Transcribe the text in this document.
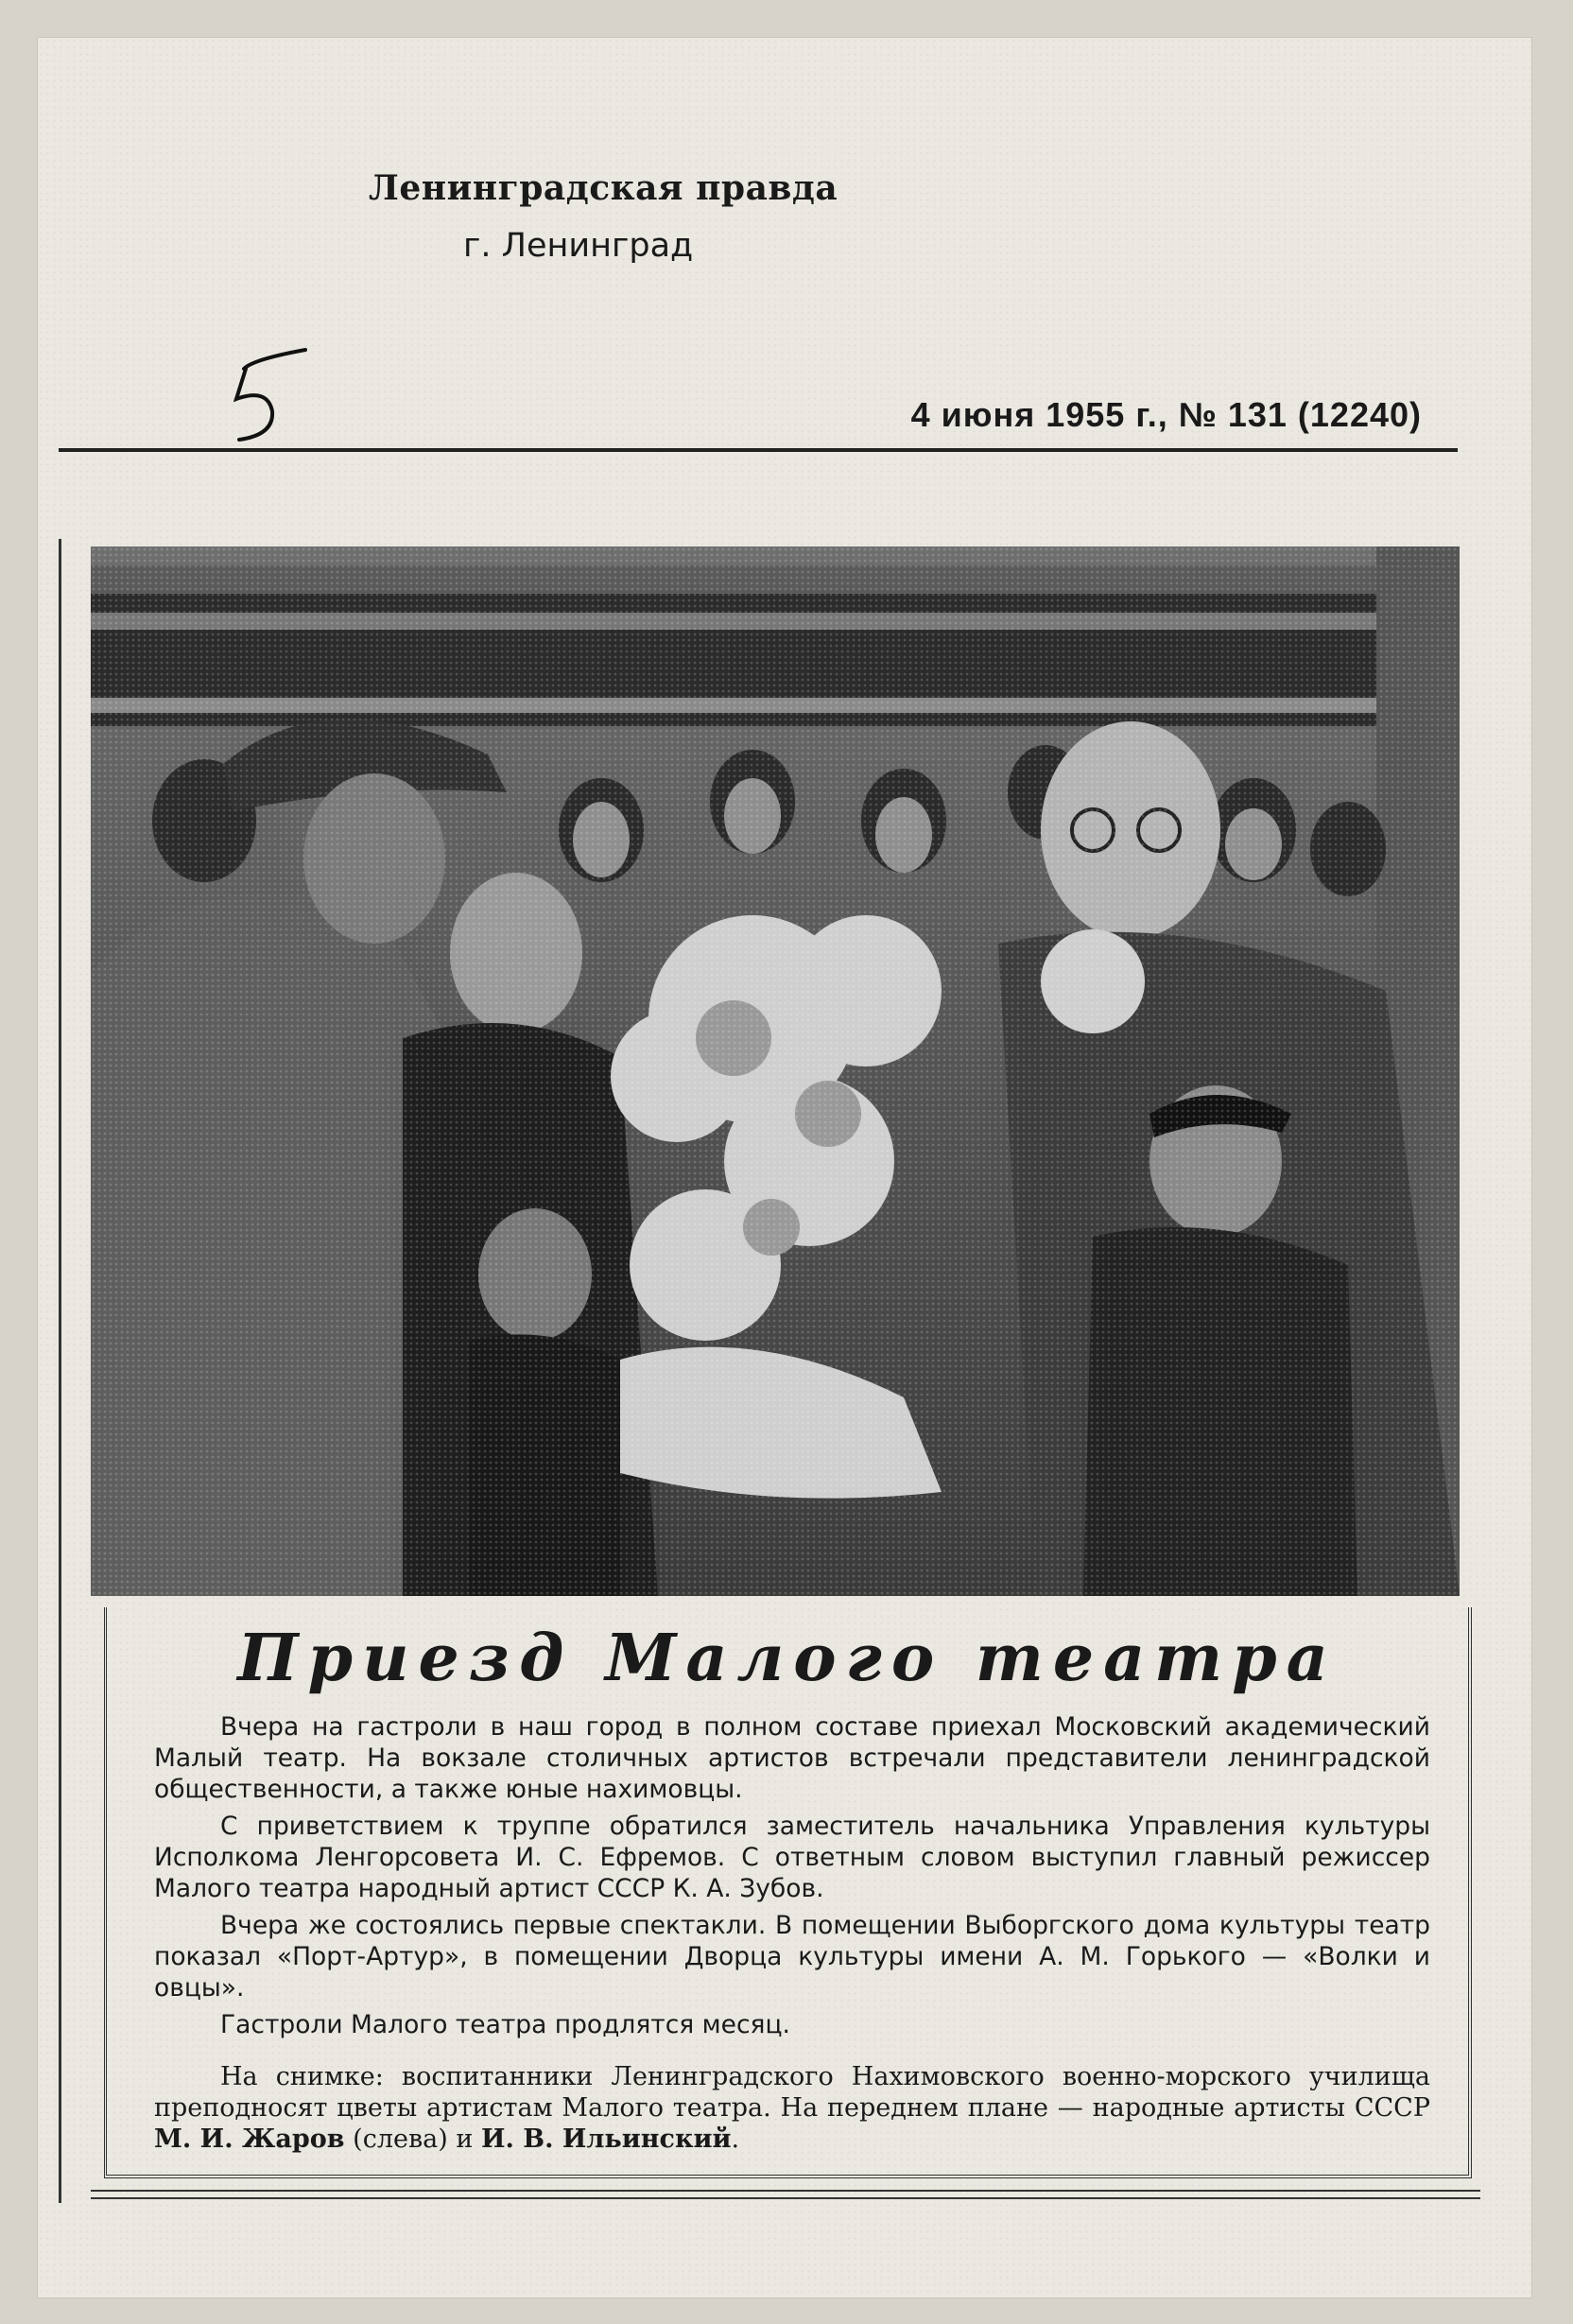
Ленинградская правда
г. Ленинград
4 июня 1955 г., № 131 (12240)
Приезд Малого театра

Вчера на гастроли в наш город в полном составе приехал Московский академический Малый театр. На вокзале столичных артистов встречали представители ленинградской общественности, а также юные нахимовцы.

С приветствием к труппе обратился заместитель начальника Управления культуры Исполкома Ленгорсовета И. С. Ефремов. С ответным словом выступил главный режиссер Малого театра народный артист СССР К. А. Зубов.

Вчера же состоялись первые спектакли. В помещении Выборгского дома культуры театр показал «Порт-Артур», в помещении Дворца культуры имени А. М. Горького — «Волки и овцы».

Гастроли Малого театра продлятся месяц.

На снимке: воспитанники Ленинградского Нахимовского военно-морского училища преподносят цветы артистам Малого театра. На переднем плане — народные артисты СССР М. И. Жаров (слева) и И. В. Ильинский.
